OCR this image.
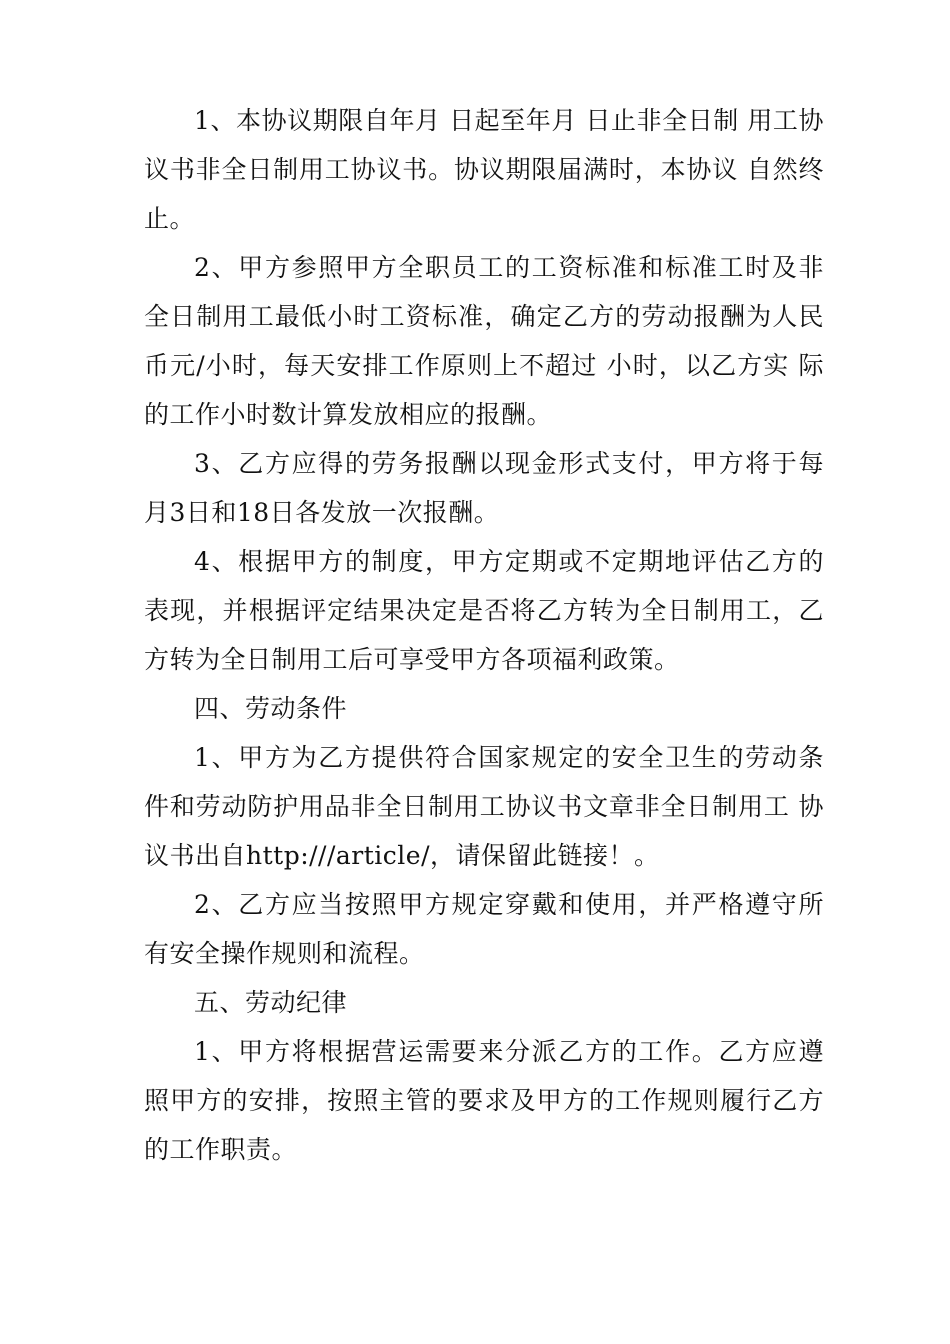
1、本协议期限自年月 日起至年月 日止非全日制 用工协议书非全日制用工协议书。协议期限届满时，本协议 自然终止。

2、甲方参照甲方全职员工的工资标准和标准工时及非 全日制用工最低小时工资标准，确定乙方的劳动报酬为人民 币元/小时，每天安排工作原则上不超过 小时，以乙方实 际的工作小时数计算发放相应的报酬。

3、乙方应得的劳务报酬以现金形式支付，甲方将于每 月3日和18日各发放一次报酬。

4、根据甲方的制度，甲方定期或不定期地评估乙方的 表现，并根据评定结果决定是否将乙方转为全日制用工，乙 方转为全日制用工后可享受甲方各项福利政策。

四、劳动条件

1、甲方为乙方提供符合国家规定的安全卫生的劳动条 件和劳动防护用品非全日制用工协议书文章非全日制用工 协议书出自http:///article/，请保留此链接！。

2、乙方应当按照甲方规定穿戴和使用，并严格遵守所 有安全操作规则和流程。

五、劳动纪律

1、甲方将根据营运需要来分派乙方的工作。乙方应遵 照甲方的安排，按照主管的要求及甲方的工作规则履行乙方 的工作职责。
